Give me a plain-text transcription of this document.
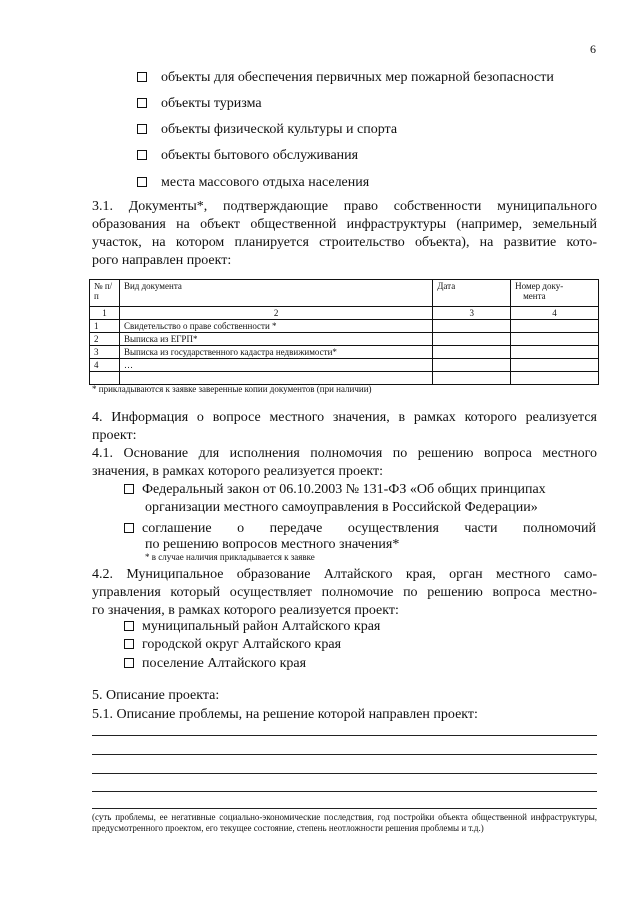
6
объекты для обеспечения первичных мер пожарной безопасности
объекты туризма
объекты физической культуры и спорта
объекты бытового обслуживания
места массового отдыха населения
3.1. Документы*, подтверждающие право собственности муниципального
образования на объект общественной инфраструктуры (например, земельный
участок, на котором планируется строительство объекта), на развитие кото-
рого направлен проект:
№ п/п	Вид документа	Дата	Номер доку-
мента

1	2	3	4
1	Свидетельство о праве собственности *		
2	Выписка из ЕГРП*		
3	Выписка из государственного кадастра недвижимости*		
4	…		

* прикладываются к заявке заверенные копии документов (при наличии)
4. Информация о вопросе местного значения, в рамках которого реализуется
проект:
4.1. Основание для исполнения полномочия по решению вопроса местного
значения, в рамках которого реализуется проект:
Федеральный закон от 06.10.2003 № 131-ФЗ «Об общих принципах
организации местного самоуправления в Российской Федерации»
соглашение о передаче осуществления части полномочий
по решению вопросов местного значения*
* в случае наличия прикладывается к заявке
4.2. Муниципальное образование Алтайского края, орган местного само-
управления который осуществляет полномочие по решению вопроса местно-
го значения, в рамках которого реализуется проект:
муниципальный район Алтайского края
городской округ Алтайского края
поселение Алтайского края
5. Описание проекта:
5.1. Описание проблемы, на решение которой направлен проект:
(суть проблемы, ее негативные социально-экономические последствия, год постройки объекта общественной инфраструктуры, предусмотренного проектом, его текущее состояние, степень неотложности решения проблемы и т.д.)
